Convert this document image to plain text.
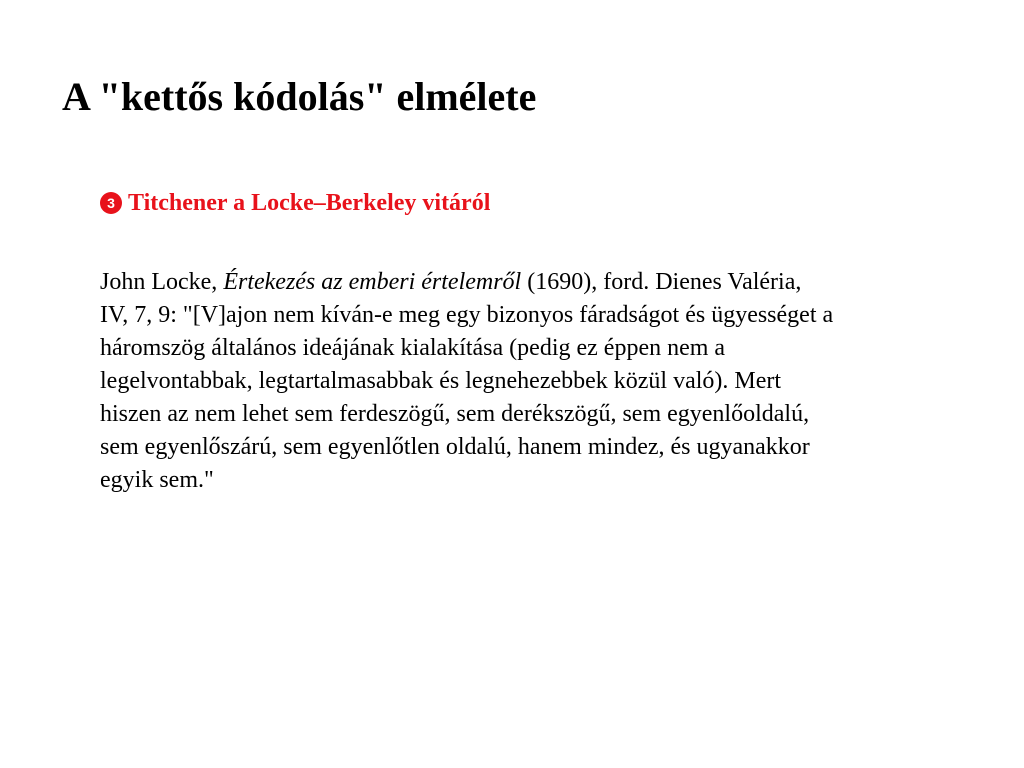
A "kettős kódolás" elmélete
3 Titchener a Locke–Berkeley vitáról

John Locke, Értekezés az emberi értelemről (1690), ford. Dienes Valéria,
IV, 7, 9: "[V]ajon nem kíván-e meg egy bizonyos fáradságot és ügyességet a
háromszög általános ideájának kialakítása (pedig ez éppen nem a
legelvontabbak, legtartalmasabbak és legnehezebbek közül való). Mert
hiszen az nem lehet sem ferdeszögű, sem derékszögű, sem egyenlőoldalú,
sem egyenlőszárú, sem egyenlőtlen oldalú, hanem mindez, és ugyanakkor
egyik sem."
